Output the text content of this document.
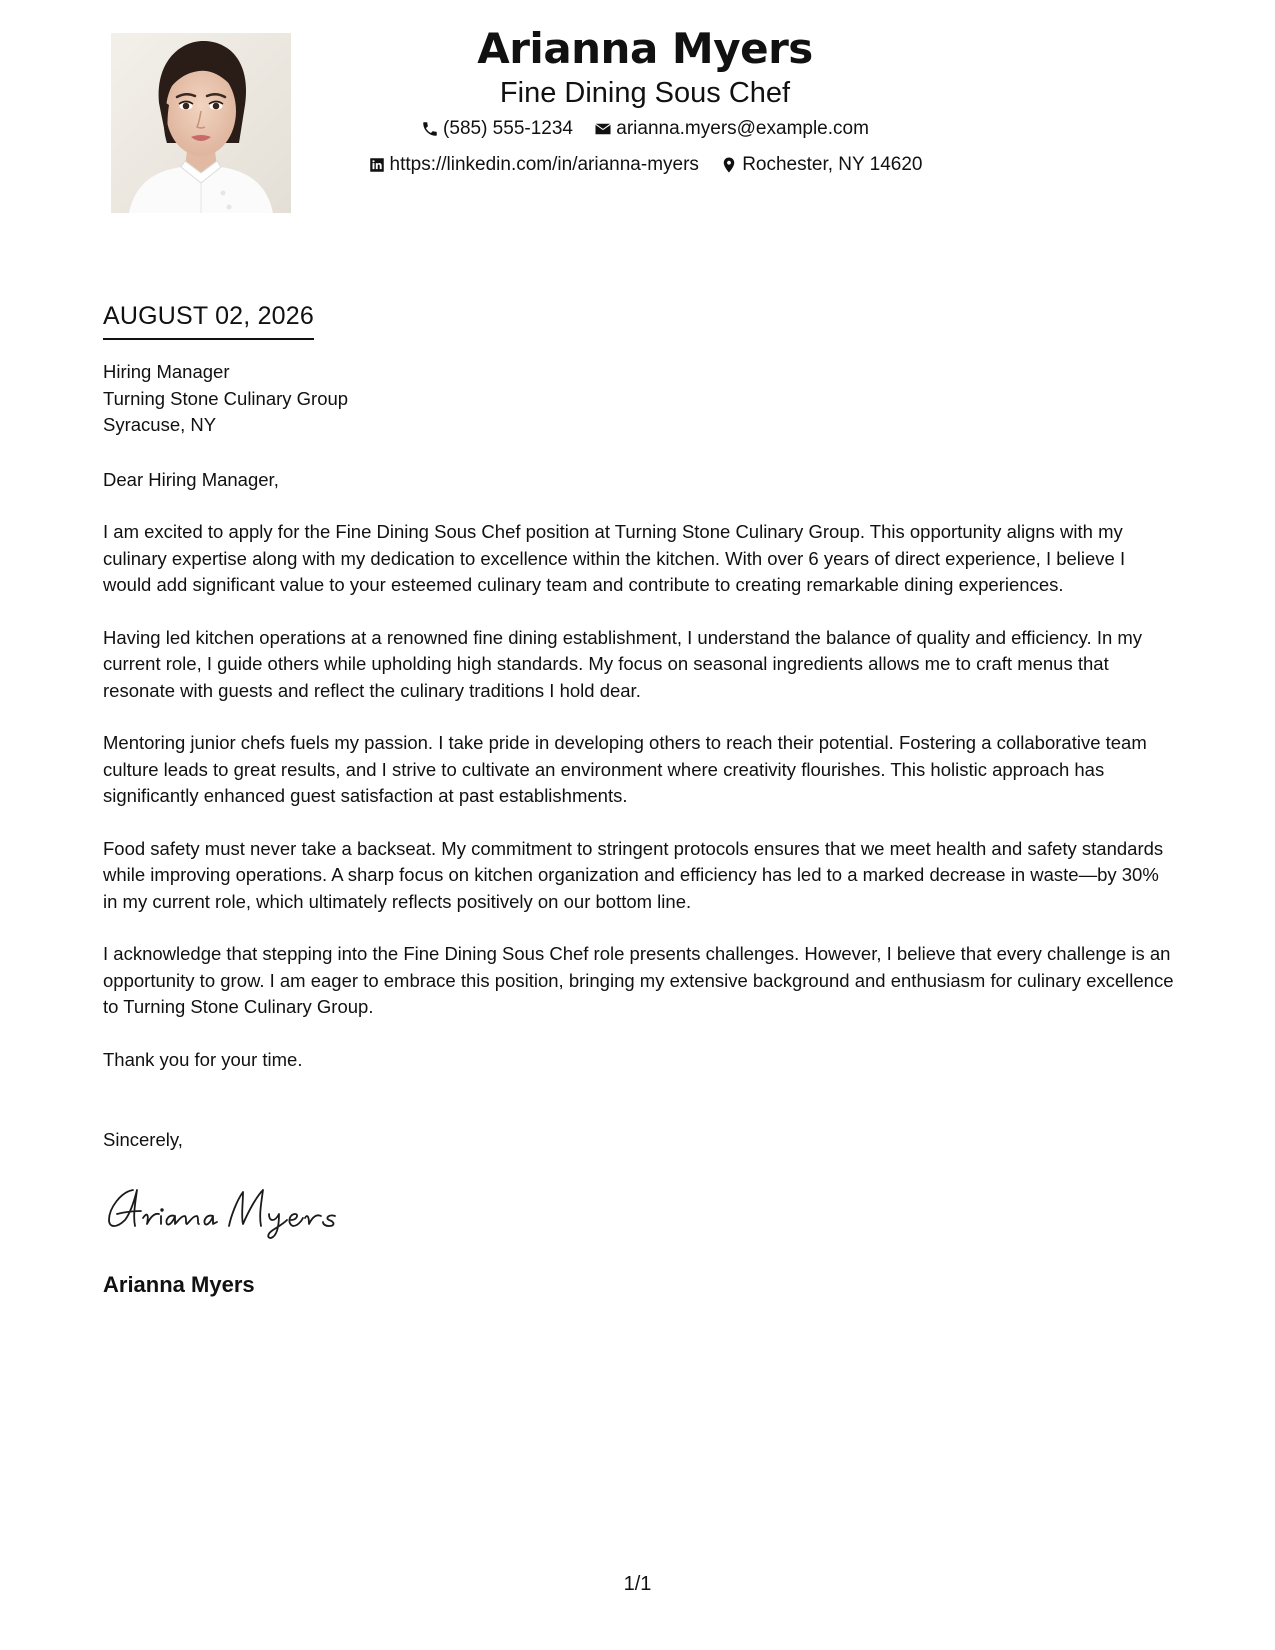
Arianna Myers
Fine Dining Sous Chef
(585) 555-1234
arianna.myers@example.com
https://linkedin.com/in/arianna-myers
Rochester, NY 14620
AUGUST 02, 2026

Hiring Manager

Turning Stone Culinary Group

Syracuse, NY

Dear Hiring Manager,

I am excited to apply for the Fine Dining Sous Chef position at Turning Stone Culinary Group. This opportunity aligns with my culinary expertise along with my dedication to excellence within the kitchen. With over 6 years of direct experience, I believe I would add significant value to your esteemed culinary team and contribute to creating remarkable dining experiences.

Having led kitchen operations at a renowned fine dining establishment, I understand the balance of quality and efficiency. In my current role, I guide others while upholding high standards. My focus on seasonal ingredients allows me to craft menus that resonate with guests and reflect the culinary traditions I hold dear.

Mentoring junior chefs fuels my passion. I take pride in developing others to reach their potential. Fostering a collaborative team culture leads to great results, and I strive to cultivate an environment where creativity flourishes. This holistic approach has significantly enhanced guest satisfaction at past establishments.

Food safety must never take a backseat. My commitment to stringent protocols ensures that we meet health and safety standards while improving operations. A sharp focus on kitchen organization and efficiency has led to a marked decrease in waste—by 30% in my current role, which ultimately reflects positively on our bottom line.

I acknowledge that stepping into the Fine Dining Sous Chef role presents challenges. However, I believe that every challenge is an opportunity to grow. I am eager to embrace this position, bringing my extensive background and enthusiasm for culinary excellence to Turning Stone Culinary Group.

Thank you for your time.

Sincerely,

Arianna Myers
1/1
